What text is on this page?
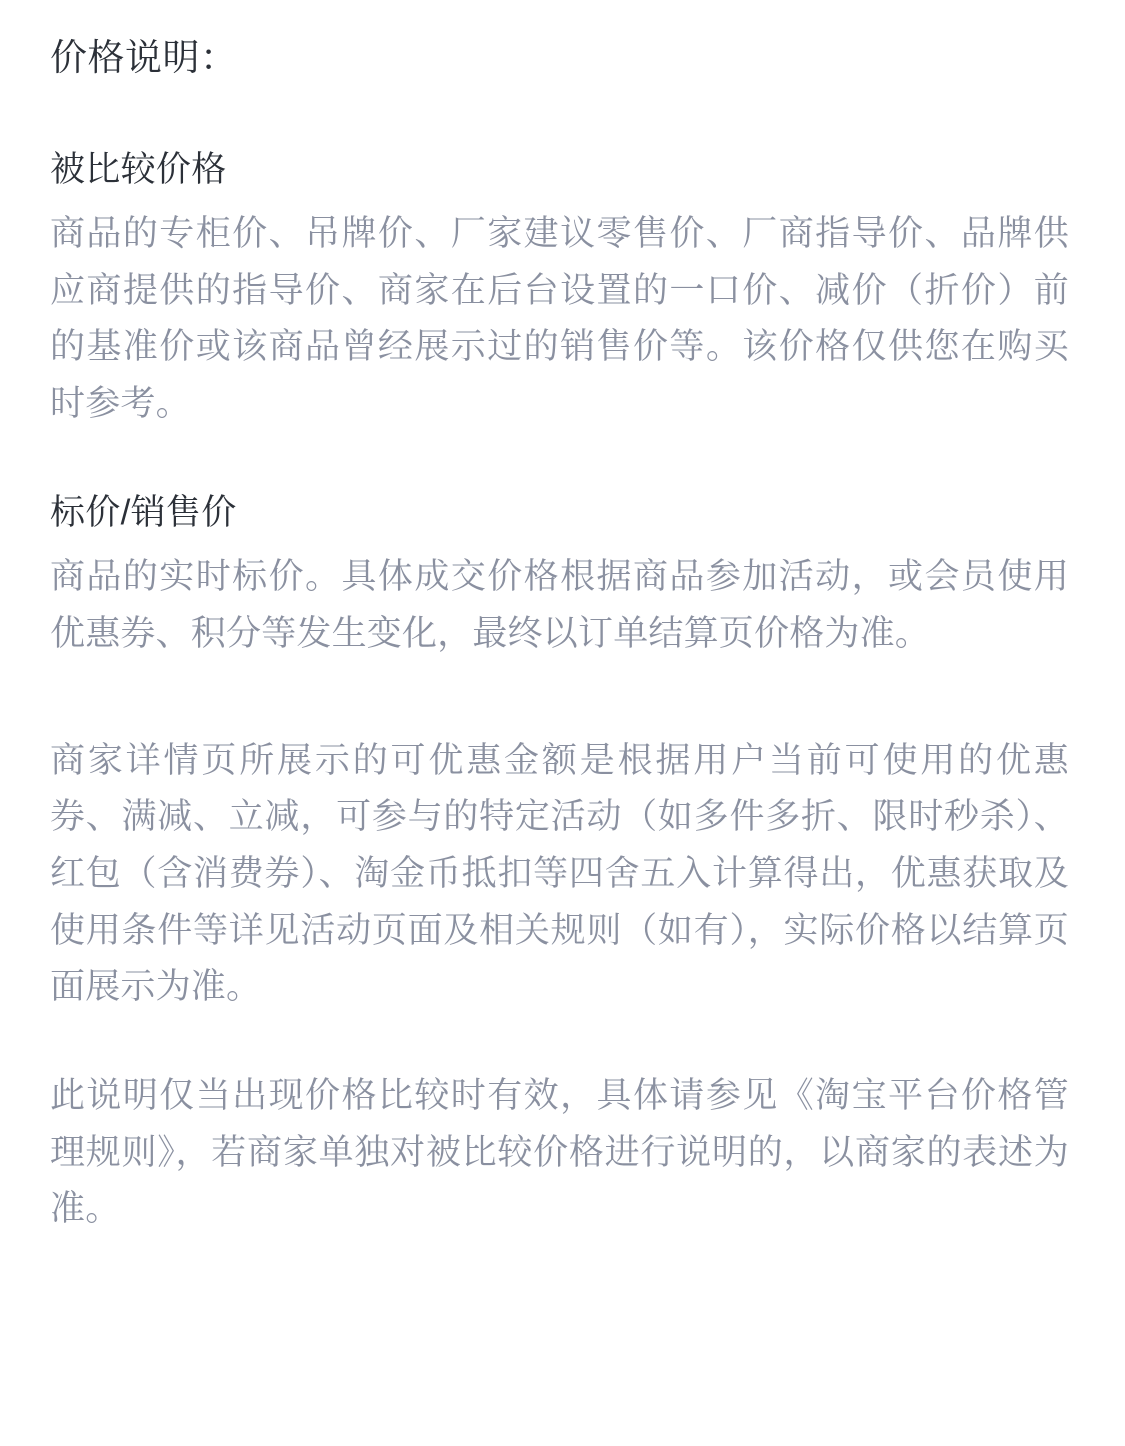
价格说明：
被比较价格

商品的专柜价、吊牌价、厂家建议零售价、厂商指导价、品牌供应商提供的指导价、商家在后台设置的一口价、减价（折价）前的基准价或该商品曾经展示过的销售价等。该价格仅供您在购买时参考。

标价/销售价

商品的实时标价。具体成交价格根据商品参加活动，或会员使用优惠券、积分等发生变化，最终以订单结算页价格为准。

商家详情页所展示的可优惠金额是根据用户当前可使用的优惠券、满减、立减，可参与的特定活动（如多件多折、限时秒杀）、红包（含消费券）、淘金币抵扣等四舍五入计算得出，优惠获取及使用条件等详见活动页面及相关规则（如有），实际价格以结算页面展示为准。

此说明仅当出现价格比较时有效，具体请参见《淘宝平台价格管理规则》，若商家单独对被比较价格进行说明的，以商家的表述为准。
